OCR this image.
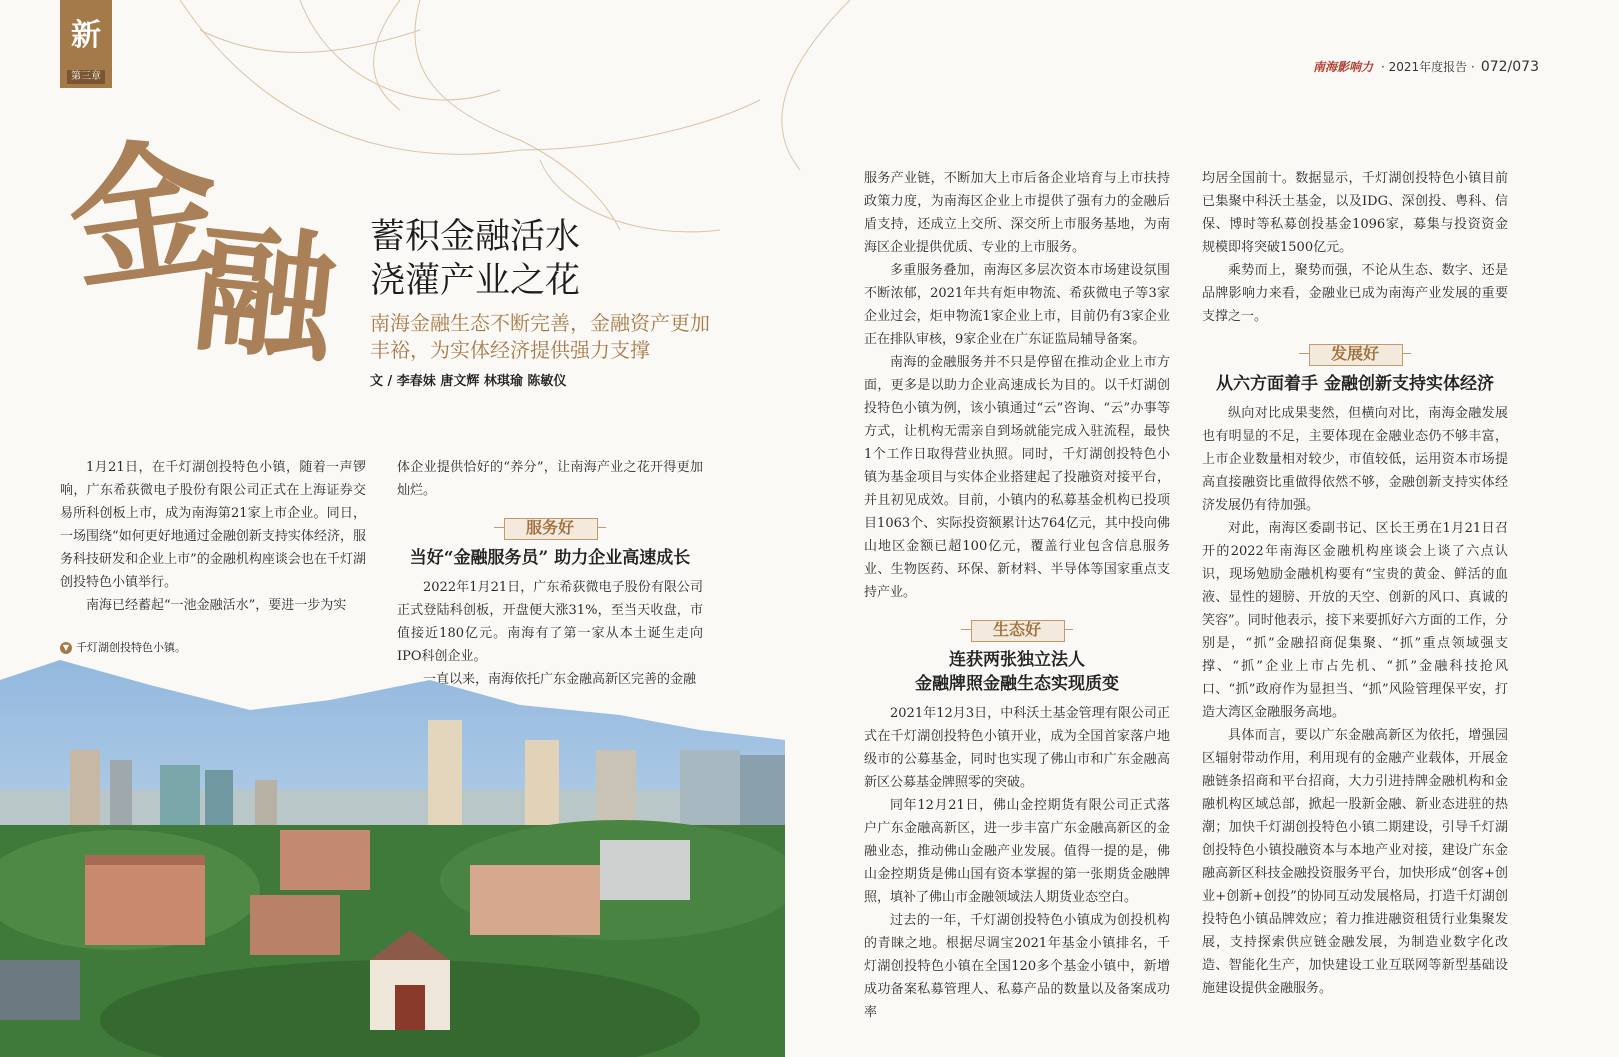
新
第三章
南海影响力 · 2021年度报告 · 072/073
金
融 蓄积金融活水
浇灌产业之花
南海金融生态不断完善，金融资产更加丰裕，为实体经济提供强力支撑
文 / 李春妹 唐文辉 林琪瑜 陈敏仪

1月21日，在千灯湖创投特色小镇，随着一声锣响，广东希荻微电子股份有限公司正式在上海证券交易所科创板上市，成为南海第21家上市企业。同日，一场围绕“如何更好地通过金融创新支持实体经济，服务科技研发和企业上市”的金融机构座谈会也在千灯湖创投特色小镇举行。

南海已经蓄起“一池金融活水”，要进一步为实

体企业提供恰好的“养分”，让南海产业之花开得更加灿烂。

服务好
当好“金融服务员” 助力企业高速成长

2022年1月21日，广东希荻微电子股份有限公司正式登陆科创板，开盘便大涨31%，至当天收盘，市值接近180亿元。南海有了第一家从本土诞生走向IPO科创企业。

一直以来，南海依托广东金融高新区完善的金融

▼ 千灯湖创投特色小镇。

服务产业链，不断加大上市后备企业培育与上市扶持政策力度，为南海区企业上市提供了强有力的金融后盾支持，还成立上交所、深交所上市服务基地，为南海区企业提供优质、专业的上市服务。

多重服务叠加，南海区多层次资本市场建设氛围不断浓郁，2021年共有炬申物流、希荻微电子等3家企业过会，炬申物流1家企业上市，目前仍有3家企业正在排队审核，9家企业在广东证监局辅导备案。

南海的金融服务并不只是停留在推动企业上市方面，更多是以助力企业高速成长为目的。以千灯湖创投特色小镇为例，该小镇通过“云”咨询、“云”办事等方式，让机构无需亲自到场就能完成入驻流程，最快1个工作日取得营业执照。同时，千灯湖创投特色小镇为基金项目与实体企业搭建起了投融资对接平台，并且初见成效。目前，小镇内的私募基金机构已投项目1063个、实际投资额累计达764亿元，其中投向佛山地区金额已超100亿元，覆盖行业包含信息服务业、生物医药、环保、新材料、半导体等国家重点支持产业。

生态好
连获两张独立法人
金融牌照金融生态实现质变

2021年12月3日，中科沃土基金管理有限公司正式在千灯湖创投特色小镇开业，成为全国首家落户地级市的公募基金，同时也实现了佛山市和广东金融高新区公募基金牌照零的突破。

同年12月21日，佛山金控期货有限公司正式落户广东金融高新区，进一步丰富广东金融高新区的金融业态，推动佛山金融产业发展。值得一提的是，佛山金控期货是佛山国有资本掌握的第一张期货金融牌照，填补了佛山市金融领域法人期货业态空白。

过去的一年，千灯湖创投特色小镇成为创投机构的青睐之地。根据尽调宝2021年基金小镇排名，千灯湖创投特色小镇在全国120多个基金小镇中，新增成功备案私募管理人、私募产品的数量以及备案成功率

均居全国前十。数据显示，千灯湖创投特色小镇目前已集聚中科沃土基金，以及IDG、深创投、粤科、信保、博时等私募创投基金1096家，募集与投资资金规模即将突破1500亿元。

乘势而上，聚势而强，不论从生态、数字、还是品牌影响力来看，金融业已成为南海产业发展的重要支撑之一。

发展好
从六方面着手 金融创新支持实体经济

纵向对比成果斐然，但横向对比，南海金融发展也有明显的不足，主要体现在金融业态仍不够丰富，上市企业数量相对较少，市值较低，运用资本市场提高直接融资比重做得依然不够，金融创新支持实体经济发展仍有待加强。

对此，南海区委副书记、区长王勇在1月21日召开的2022年南海区金融机构座谈会上谈了六点认识，现场勉励金融机构要有“宝贵的黄金、鲜活的血液、显性的翅膀、开放的天空、创新的风口、真诚的笑容”。同时他表示，接下来要抓好六方面的工作，分别是，“抓”金融招商促集聚、“抓”重点领域强支撑、“抓”企业上市占先机、“抓”金融科技抢风口、“抓”政府作为显担当、“抓”风险管理保平安，打造大湾区金融服务高地。

具体而言，要以广东金融高新区为依托，增强园区辐射带动作用，利用现有的金融产业载体，开展金融链条招商和平台招商，大力引进持牌金融机构和金融机构区域总部，掀起一股新金融、新业态进驻的热潮；加快千灯湖创投特色小镇二期建设，引导千灯湖创投特色小镇投融资本与本地产业对接，建设广东金融高新区科技金融投资服务平台，加快形成“创客+创业+创新+创投”的协同互动发展格局，打造千灯湖创投特色小镇品牌效应；着力推进融资租赁行业集聚发展，支持探索供应链金融发展，为制造业数字化改造、智能化生产，加快建设工业互联网等新型基础设施建设提供金融服务。
